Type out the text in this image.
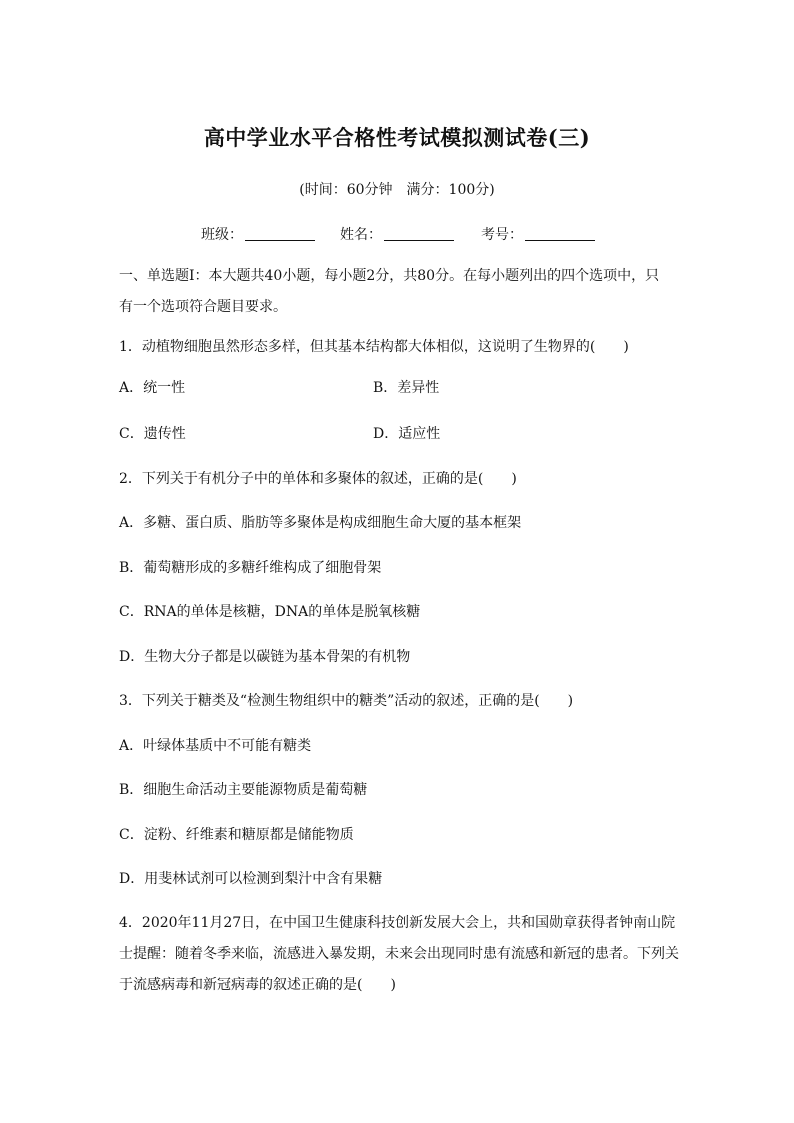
高中学业水平合格性考试模拟测试卷(三)
(时间：60分钟　满分：100分)
班级：	姓名：	考号：
一、单选题Ⅰ：本大题共40小题，每小题2分，共80分。在每小题列出的四个选项中，只
有一个选项符合题目要求。
1．动植物细胞虽然形态多样，但其基本结构都大体相似，这说明了生物界的(　　)
A．统一性	B．差异性
C．遗传性	D．适应性
2．下列关于有机分子中的单体和多聚体的叙述，正确的是(　　)
A．多糖、蛋白质、脂肪等多聚体是构成细胞生命大厦的基本框架
B．葡萄糖形成的多糖纤维构成了细胞骨架
C．RNA的单体是核糖，DNA的单体是脱氧核糖
D．生物大分子都是以碳链为基本骨架的有机物
3．下列关于糖类及“检测生物组织中的糖类”活动的叙述，正确的是(　　)
A．叶绿体基质中不可能有糖类
B．细胞生命活动主要能源物质是葡萄糖
C．淀粉、纤维素和糖原都是储能物质
D．用斐林试剂可以检测到梨汁中含有果糖
4．2020年11月27日，在中国卫生健康科技创新发展大会上，共和国勋章获得者钟南山院
士提醒：随着冬季来临，流感进入暴发期，未来会出现同时患有流感和新冠的患者。下列关
于流感病毒和新冠病毒的叙述正确的是(　　)
